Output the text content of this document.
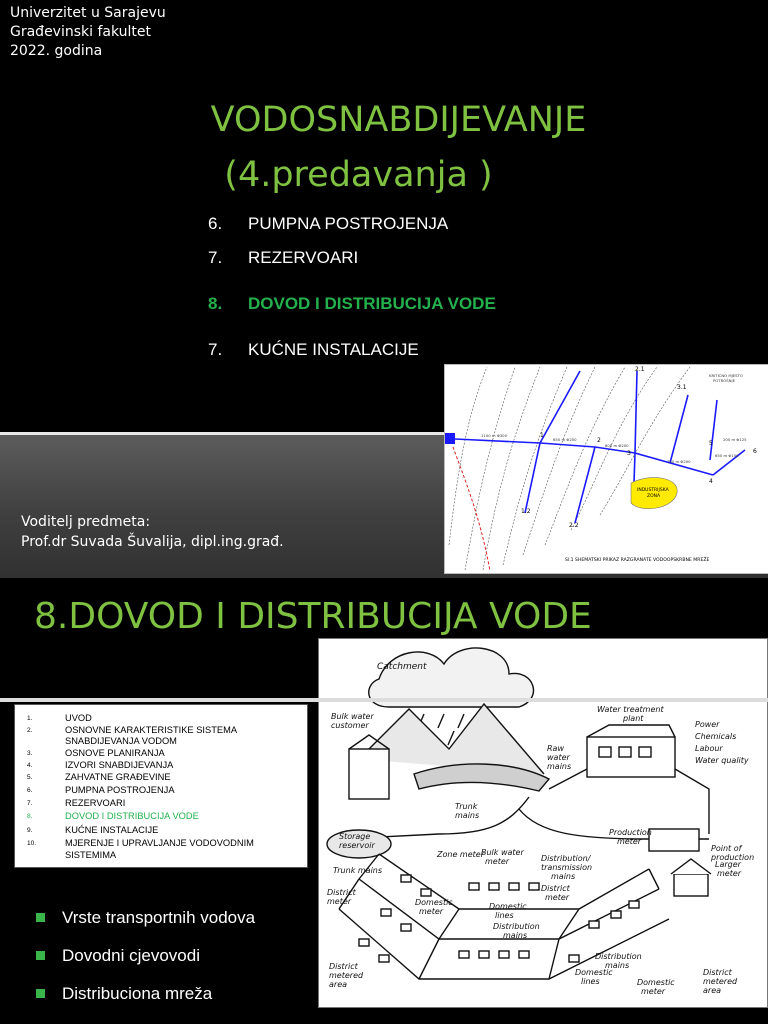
Univerzitet u Sarajevu
Građevinski fakultet
2022. godina
VODOSNABDIJEVANJE
(4.predavanja )
6. PUMPNA POSTROJENJA
7. REZERVOARI
8. DOVOD I DISTRIBUCIJA VODE
7. KUĆNE INSTALACIJE
Voditelj predmeta:
Prof.dr Suvada Šuvalija, dipl.ing.građ.
INDUSTRIJSKA
ZONA
1
2
3
4
5
6
1.2
2.1
2.2
3.1
1100 m Φ300
650 m Φ250
800 m Φ200
750 m Φ200
650 m Φ150
200 m Φ125
KRITIČNO MJESTO
POTROŠNJE
Sl.1 SHEMATSKI PRIKAZ RAZGRANATE VODOOPSKRBNE MREŽE
8.DOVOD I DISTRIBUCIJA VODE
Catchment
Bulk water
customer
Water treatment
plant
Power
Chemicals
Labour
Water quality
Raw
water
mains
Trunk
mains
Bulk water
meter	Distribution/
transmission
mains
Production
meter
Point of
production
Storage
reservoir
Zone meter
District
meter
Trunk mains
District
meter	Domestic
meter
Domestic
lines
Distribution
mains
Larger
meter
District
metered
area
Distribution
mains
Domestic
lines	Domestic
meter
District
metered
area
1.	UVOD
2.	OSNOVNE KARAKTERISTIKE SISTEMA
SNABDIJEVANJA VODOM
3.	OSNOVE PLANIRANJA
4.	IZVORI SNABDIJEVANJA
5.	ZAHVATNE GRAĐEVINE
6.	PUMPNA POSTROJENJA
7.	REZERVOARI
8.	DOVOD I DISTRIBUCIJA VODE
9.	KUĆNE INSTALACIJE
10.	MJERENJE I UPRAVLJANJE VODOVODNIM
SISTEMIMA
Vrste transportnih vodova
Dovodni cjevovodi
Distribuciona mreža
